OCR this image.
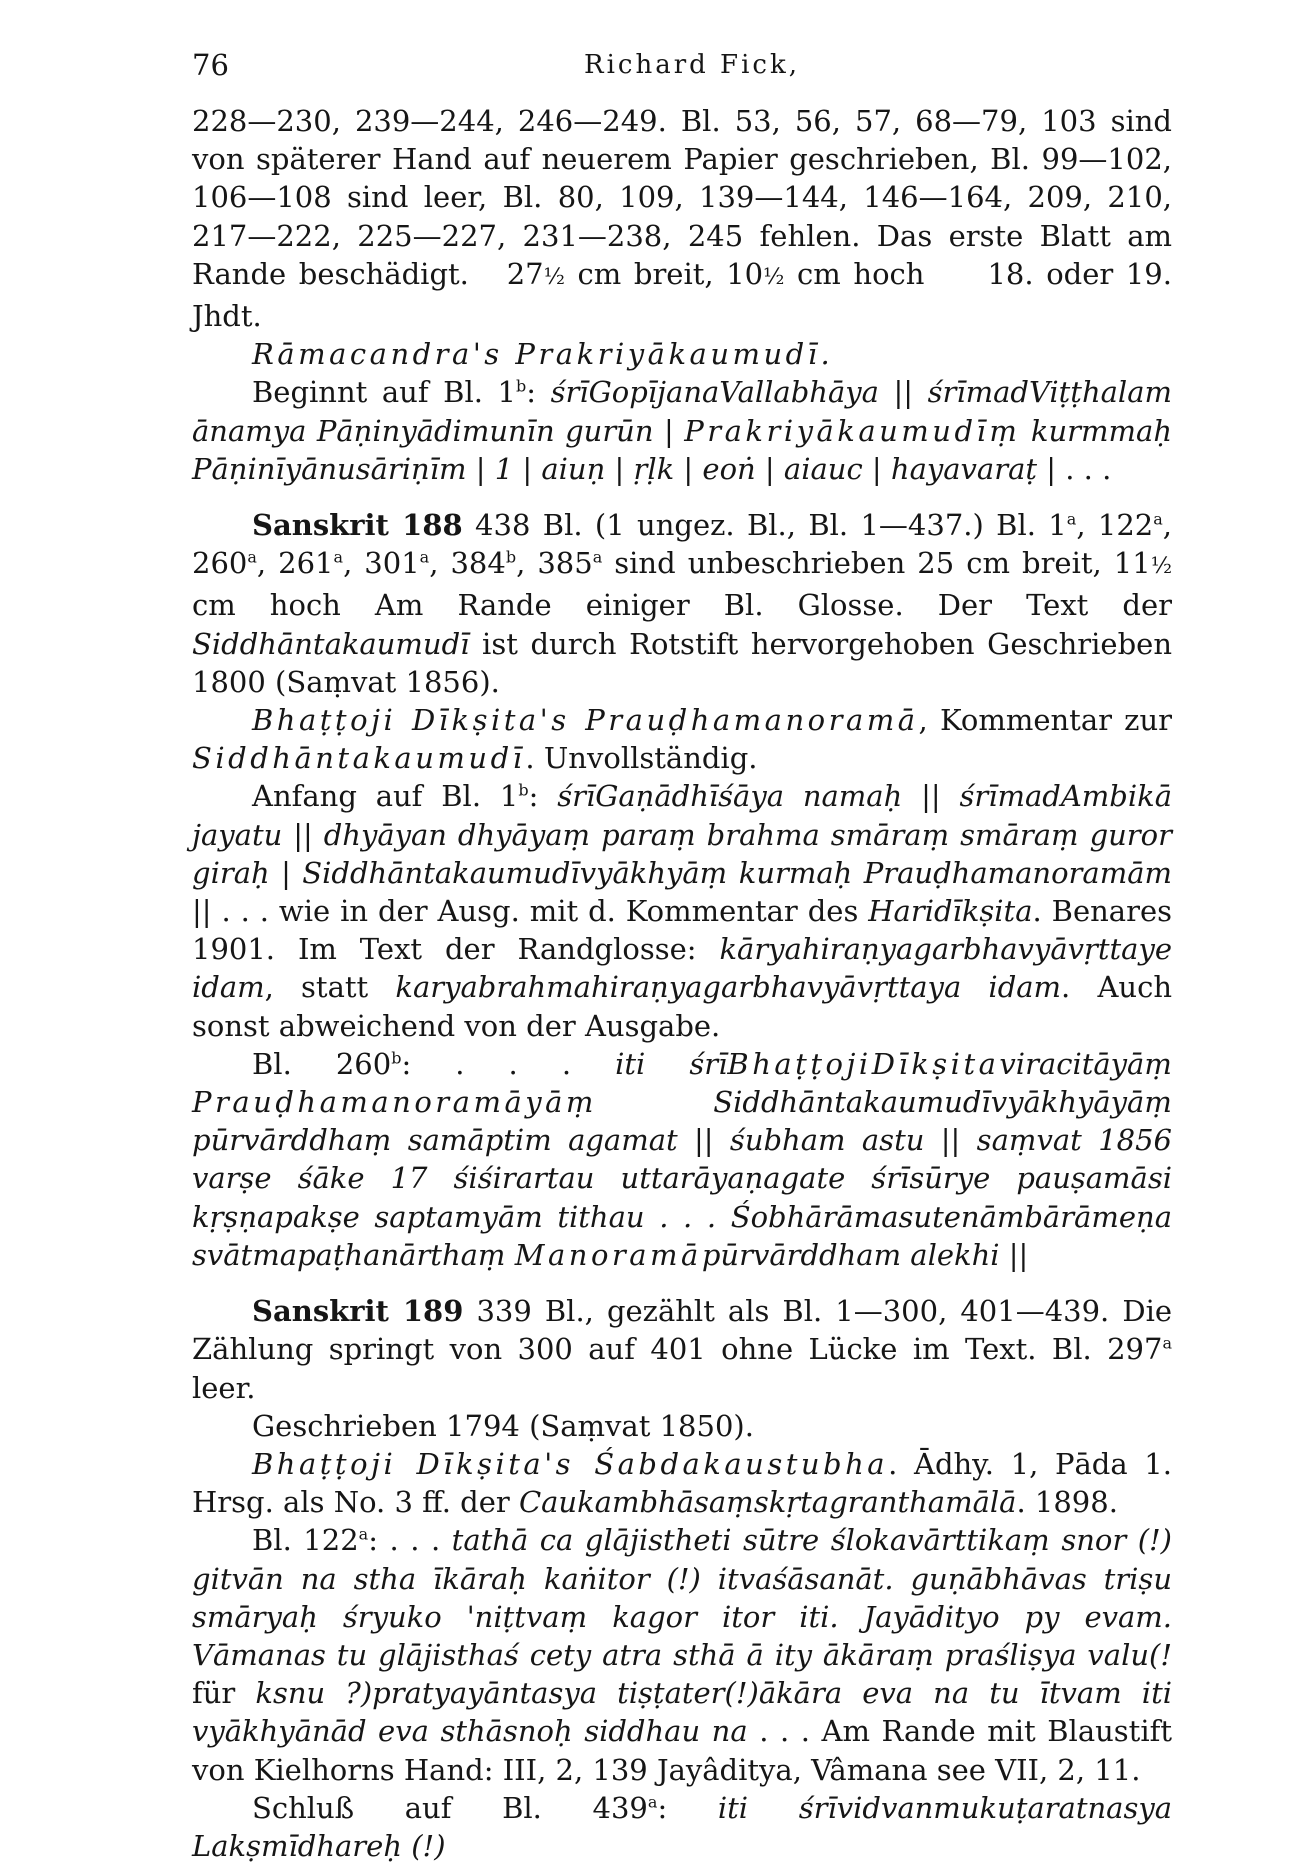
76	Richard Fick,

228—230, 239—244, 246—249. Bl. 53, 56, 57, 68—79, 103 sind von späterer Hand auf neuerem Papier geschrieben, Bl. 99—102, 106—108 sind leer, Bl. 80, 109, 139—144, 146—164, 209, 210, 217—222, 225—227, 231—238, 245 fehlen. Das erste Blatt am Rande beschädigt. 27½ cm breit, 10½ cm hoch 18. oder 19. Jhdt.

Rāmacandra's Prakriyākaumudī.

Beginnt auf Bl. 1$^b$: śrīGopījanaVallabhāya || śrīmadViṭṭhalam ānamya Pāṇinyādimunīn gurūn | Prakriyākaumudīṃ kurmmaḥ Pāṇinīyānusāriṇīm | 1 | aiuṇ | ṛḷk | eoṅ | aiauc | hayavaraṭ | . . .

Sanskrit 188 438 Bl. (1 ungez. Bl., Bl. 1—437.) Bl. 1$^a$, 122$^a$, 260$^a$, 261$^a$, 301$^a$, 384$^b$, 385$^a$ sind unbeschrieben 25 cm breit, 11½ cm hoch Am Rande einiger Bl. Glosse. Der Text der Siddhāntakaumudī ist durch Rotstift hervorgehoben Geschrieben 1800 (Saṃvat 1856).

Bhaṭṭoji Dīkṣita's Prauḍhamanoramā, Kommentar zur Siddhāntakaumudī. Unvollständig.

Anfang auf Bl. 1$^b$: śrīGaṇādhīśāya namaḥ || śrīmadAmbikā jayatu || dhyāyan dhyāyaṃ paraṃ brahma smāraṃ smāraṃ guror giraḥ | Siddhāntakaumudīvyākhyāṃ kurmaḥ Prauḍhamanoramām || . . . wie in der Ausg. mit d. Kommentar des Haridīkṣita. Benares 1901. Im Text der Randglosse: kāryahiraṇyagarbhavyāvṛttaye idam, statt karyabrahmahiraṇyagarbhavyāvṛttaya idam. Auch sonst abweichend von der Ausgabe.

Bl. 260$^b$: . . . iti śrīBhaṭṭojiDīkṣitaviracitāyāṃ Prauḍhamanoramāyāṃ Siddhāntakaumudīvyākhyāyāṃ pūrvārddhaṃ samāptim agamat || śubham astu || saṃvat 1856 varṣe śāke 17 śiśirartau uttarāyaṇagate śrīsūrye pauṣamāsi kṛṣṇapakṣe saptamyām tithau . . . Śobhārāmasutenāmbārāmeṇa svātmapaṭhanārthaṃ Manoramāpūrvārddham alekhi ||

Sanskrit 189 339 Bl., gezählt als Bl. 1—300, 401—439. Die Zählung springt von 300 auf 401 ohne Lücke im Text. Bl. 297$^a$ leer.

Geschrieben 1794 (Saṃvat 1850).

Bhaṭṭoji Dīkṣita's Śabdakaustubha. Ādhy. 1, Pāda 1. Hrsg. als No. 3 ff. der Caukambhāsaṃskṛtagranthamālā. 1898.

Bl. 122$^a$: . . . tathā ca glājistheti sūtre ślokavārttikaṃ snor (!) gitvān na stha īkāraḥ kaṅitor (!) itvaśāsanāt. guṇābhāvas triṣu smāryaḥ śryuko 'niṭtvaṃ kagor itor iti. Jayādityo py evam. Vāmanas tu glājisthaś cety atra sthā ā ity ākāraṃ praśliṣya valu(! für ksnu ?)pratyayāntasya tiṣṭater(!)ākāra eva na tu ītvam iti vyākhyānād eva sthāsnoḥ siddhau na . . . Am Rande mit Blaustift von Kielhorns Hand: III, 2, 139 Jayâditya, Vâmana see VII, 2, 11.

Schluß auf Bl. 439$^a$: iti śrīvidvanmukuṭaratnasya Lakṣmīdhareḥ (!)
